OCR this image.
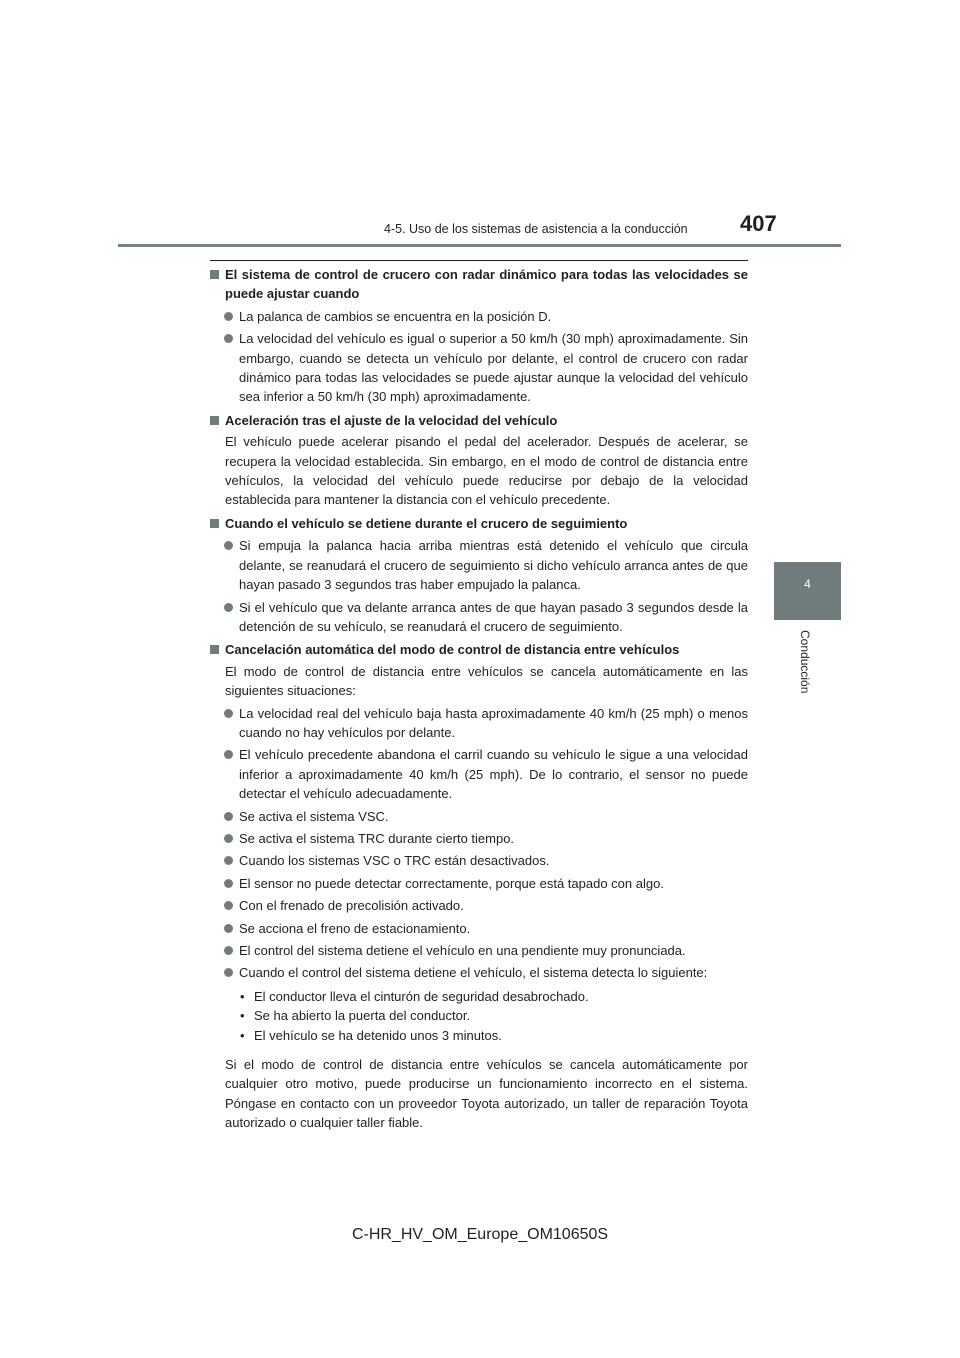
4-5. Uso de los sistemas de asistencia a la conducción 407
4
Conducción
El sistema de control de crucero con radar dinámico para todas las velocidades se puede ajustar cuando
La palanca de cambios se encuentra en la posición D.
La velocidad del vehículo es igual o superior a 50 km/h (30 mph) aproximadamente. Sin embargo, cuando se detecta un vehículo por delante, el control de crucero con radar dinámico para todas las velocidades se puede ajustar aunque la velocidad del vehículo sea inferior a 50 km/h (30 mph) aproximadamente.
Aceleración tras el ajuste de la velocidad del vehículo
El vehículo puede acelerar pisando el pedal del acelerador. Después de acelerar, se recupera la velocidad establecida. Sin embargo, en el modo de control de distancia entre vehículos, la velocidad del vehículo puede reducirse por debajo de la velocidad establecida para mantener la distancia con el vehículo precedente.
Cuando el vehículo se detiene durante el crucero de seguimiento
Si empuja la palanca hacia arriba mientras está detenido el vehículo que circula delante, se reanudará el crucero de seguimiento si dicho vehículo arranca antes de que hayan pasado 3 segundos tras haber empujado la palanca.
Si el vehículo que va delante arranca antes de que hayan pasado 3 segundos desde la detención de su vehículo, se reanudará el crucero de seguimiento.
Cancelación automática del modo de control de distancia entre vehículos
El modo de control de distancia entre vehículos se cancela automáticamente en las siguientes situaciones:
La velocidad real del vehículo baja hasta aproximadamente 40 km/h (25 mph) o menos cuando no hay vehículos por delante.
El vehículo precedente abandona el carril cuando su vehículo le sigue a una velocidad inferior a aproximadamente 40 km/h (25 mph). De lo contrario, el sensor no puede detectar el vehículo adecuadamente.
Se activa el sistema VSC.
Se activa el sistema TRC durante cierto tiempo.
Cuando los sistemas VSC o TRC están desactivados.
El sensor no puede detectar correctamente, porque está tapado con algo.
Con el frenado de precolisión activado.
Se acciona el freno de estacionamiento.
El control del sistema detiene el vehículo en una pendiente muy pronunciada.
Cuando el control del sistema detiene el vehículo, el sistema detecta lo siguiente:
• El conductor lleva el cinturón de seguridad desabrochado.
• Se ha abierto la puerta del conductor.
• El vehículo se ha detenido unos 3 minutos.
Si el modo de control de distancia entre vehículos se cancela automáticamente por cualquier otro motivo, puede producirse un funcionamiento incorrecto en el sistema. Póngase en contacto con un proveedor Toyota autorizado, un taller de reparación Toyota autorizado o cualquier taller fiable.
C-HR_HV_OM_Europe_OM10650S
